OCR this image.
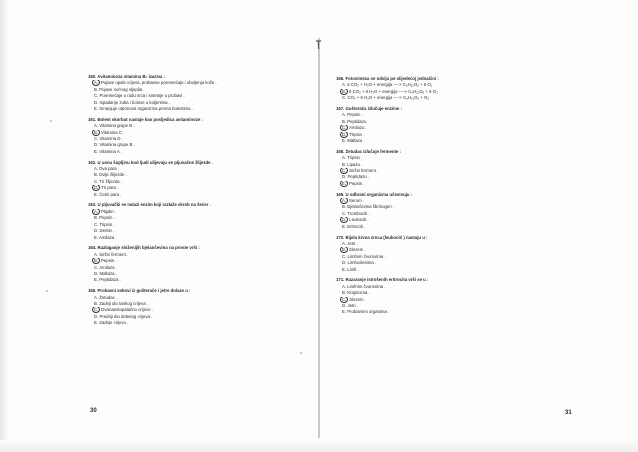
160. Avitaminoza vitamina B₂ izaziva :
A. Pojave upale crijeva, probavne poremećaje i oboljenja kože .
B. Pojave noćnog sljepila .
C. Poremećaje u radu srca i smetnje u probavi .
D. Ispadanje zuba i bolove u koljenima .
E. Smanjuje otpornost organizma prema bolestima .
161. Bolest skorbut nastaje kao posljedica avitaminoze :
A. Vitamina grupe B .
B. Vitamina C .
C. Vitamina D .
D. Vitamina grupe B .
E. Vitamina A .
162. U usnu šupljinu kod ljudi ulijevaju se pljuvačne žlijezde .
A. Dva para .
B. Dvije žlijezde .
C. Tri žlijezde .
D. Tri para .
E. Četiri para .
163. U pljuvački se nalazi enzim koji razlaže skrob na šećer .
A. Ptijalin .
B. Pepsin .
C. Tripsin .
D. Dentin .
E. Amilaza .
164. Razlaganje složenijih bjelančevina na proste vrši :
A. Siršni ferment .
B. Pepsin .
C. Amilaza .
D. Maltaza .
E. Peptidaza .
165. Probavni sokovi iz gušterače i jetre dolaze u :
A. Žetudac .
B. Zadnji dio tankog crijeva .
C. Dvanaestopalačno crijevo .
D. Prednji dio debelog crijeva .
E. Zadnje crijevo .
166. Fotosinteza se odvija po slijedećoj jednačini :
A. 6 CO₂ + H₂O + energija ----> C₆H₁₂O₆ + 6 O₂
B. 6 CO₂ + 6 H₂O + energija ----> C₆H₁₂O₆ + 6 O₂
C. CO₂ + 6 H₂O + energija ----> C₆H₁₂O₆ + O₂
167. Gušterača izlučuje enzime :
A. Pepsin .
B. Peptidazu .
C. Amilazu .
D. Tripsin .
E. Maltazu .
168. Žetudac izlučuje fermente :
A. Tripsin .
B. Lipazu .
C. Siršni ferment .
D. Peptidazu .
E. Pepsin .
169. U odbrani organizma učestvuju :
A. Serum .
B. Bjelančevina fibrinogen .
C. Trombociti .
D. Leukociti .
E. Eritrociti .
170. Bijela krvna zrnca (leukociti ) nastaju u :
A. Jetri .
B. Slezeni .
C. Limfnim čvorovima .
D. Limfocitesima .
E. Limfi .
171. Razaranje istrošenih eritrocita vrši se u :
A. Limfnim čvorovima .
B. Krajnicima .
C. Slezeni .
D. Jetri .
E. Probavnim organima .
30	31
